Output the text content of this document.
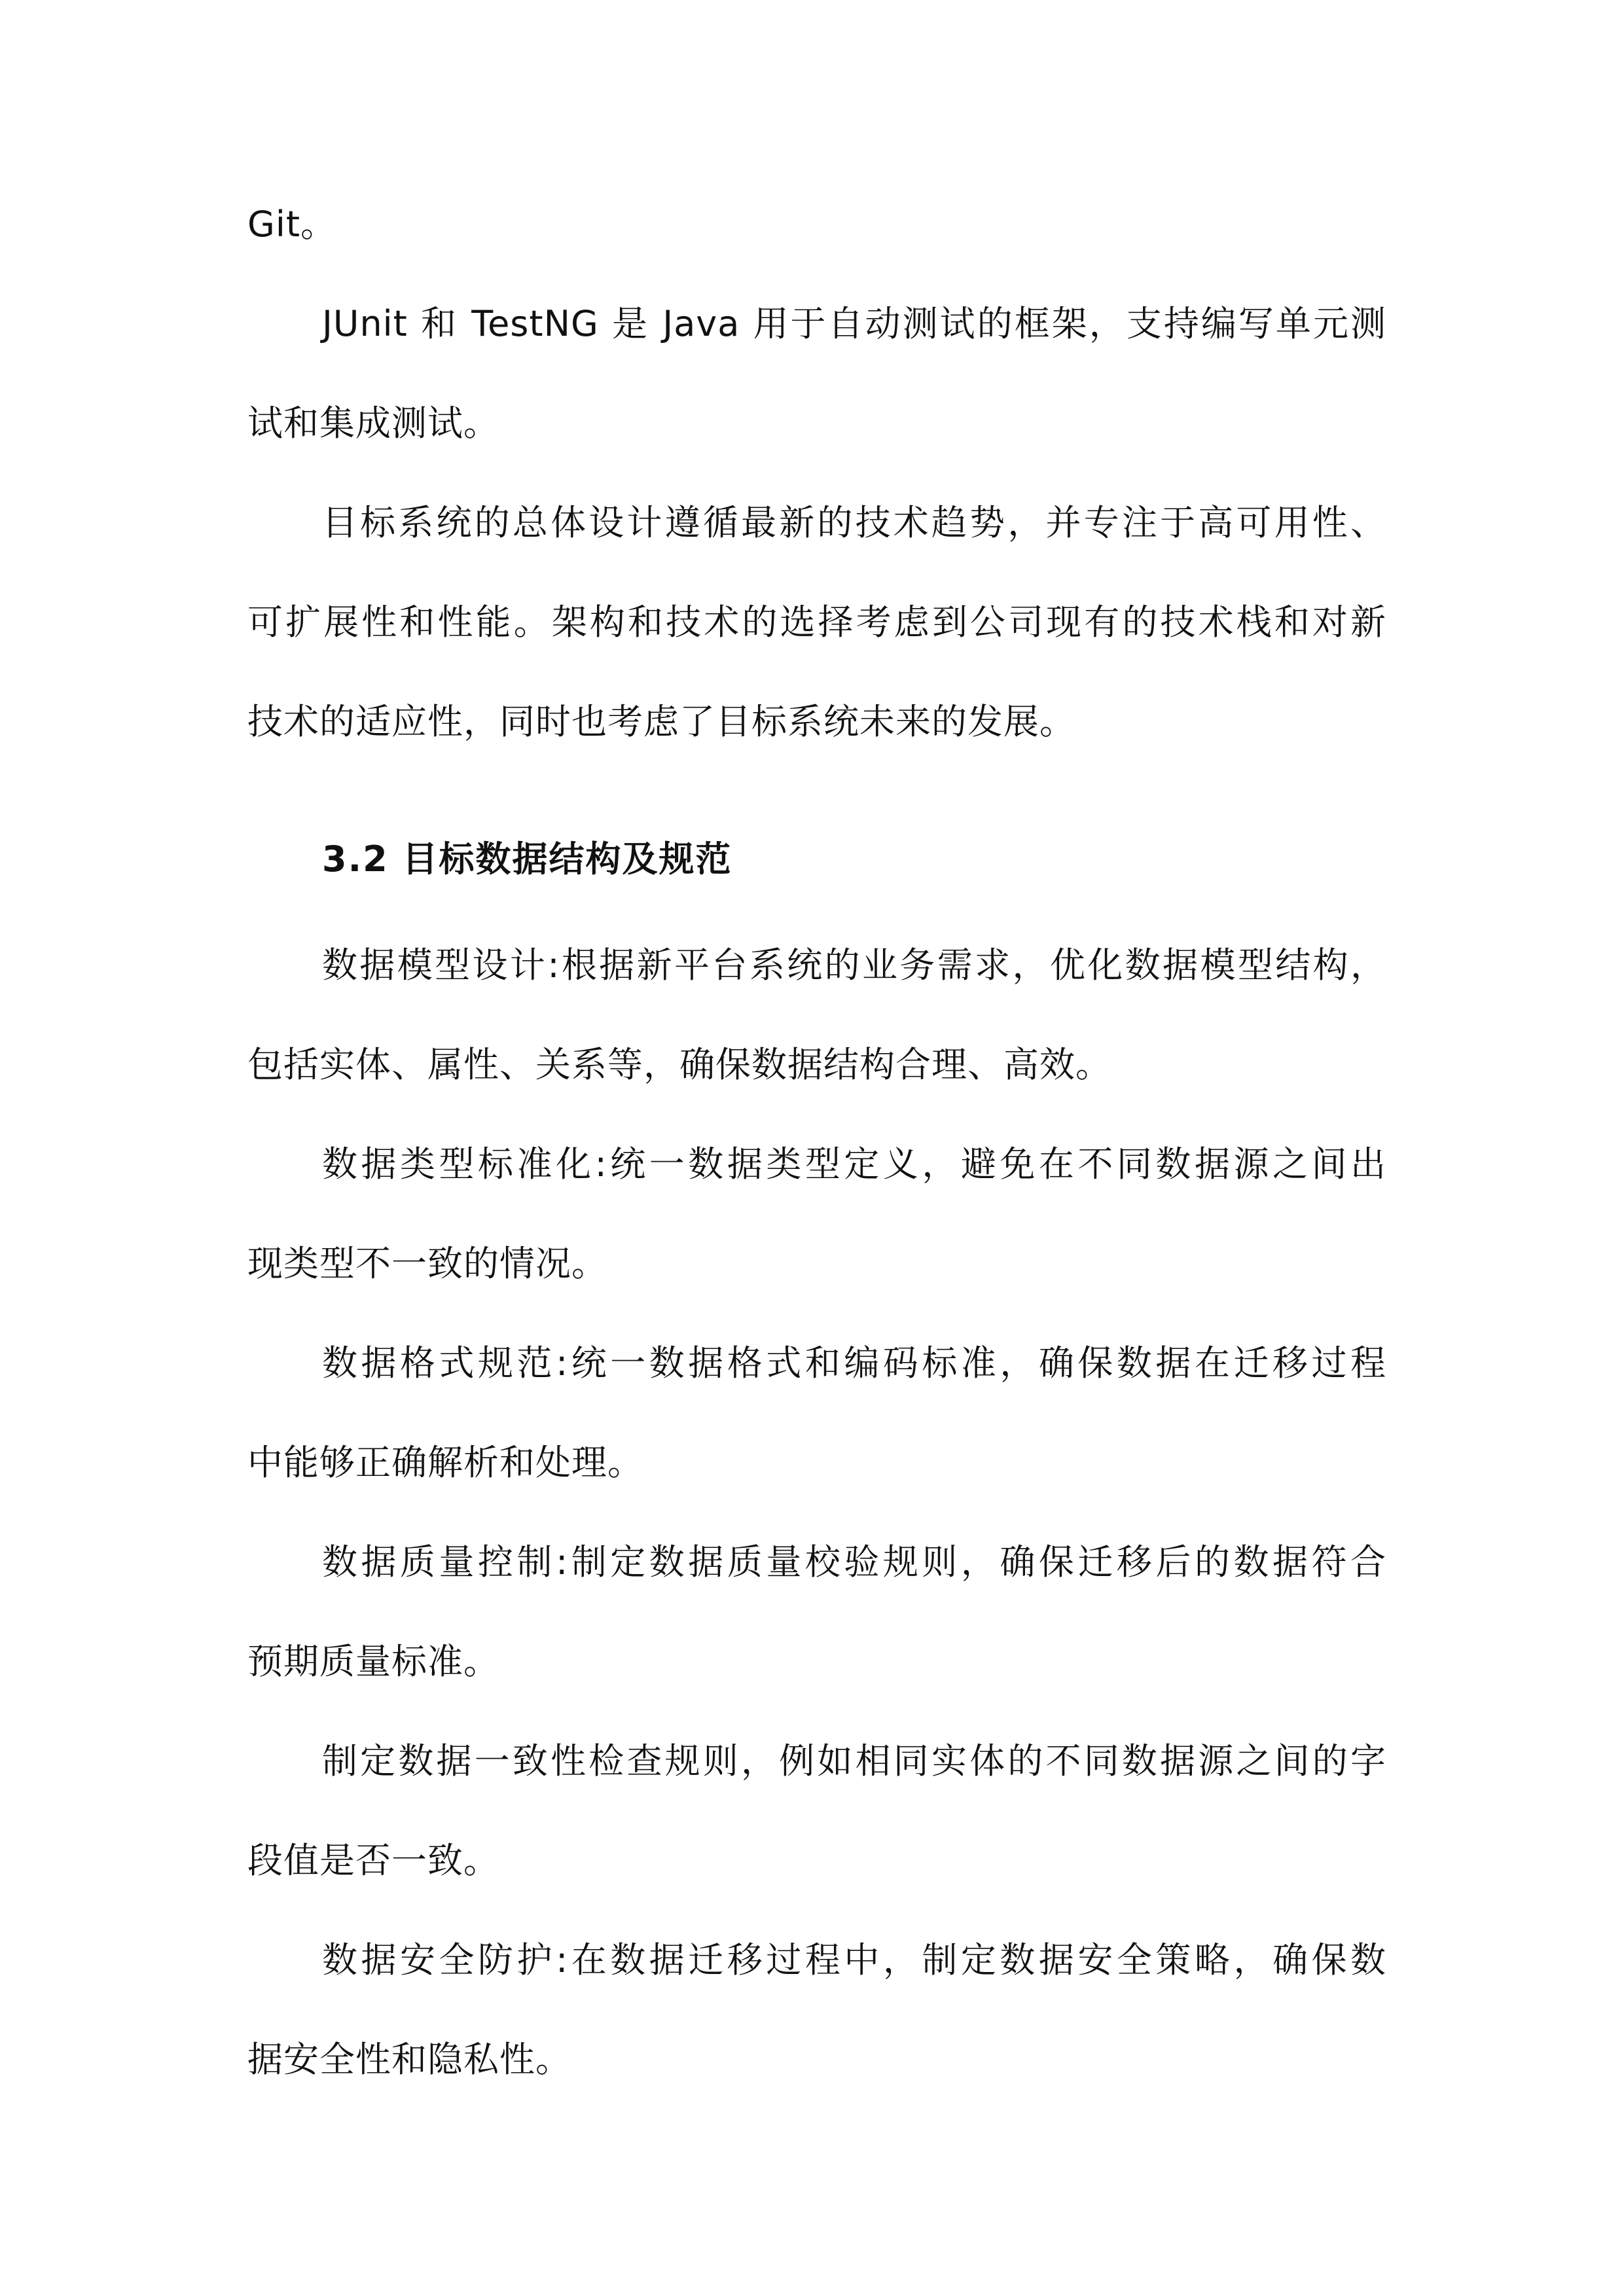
Git。
JUnit 和 TestNG 是 Java 用于自动测试的框架，支持编写单元测
试和集成测试。
目标系统的总体设计遵循最新的技术趋势，并专注于高可用性、
可扩展性和性能。架构和技术的选择考虑到公司现有的技术栈和对新
技术的适应性，同时也考虑了目标系统未来的发展。
3.2 目标数据结构及规范
数据模型设计:根据新平台系统的业务需求，优化数据模型结构，
包括实体、属性、关系等，确保数据结构合理、高效。
数据类型标准化:统一数据类型定义，避免在不同数据源之间出
现类型不一致的情况。
数据格式规范:统一数据格式和编码标准，确保数据在迁移过程
中能够正确解析和处理。
数据质量控制:制定数据质量校验规则，确保迁移后的数据符合
预期质量标准。
制定数据一致性检查规则，例如相同实体的不同数据源之间的字
段值是否一致。
数据安全防护:在数据迁移过程中，制定数据安全策略，确保数
据安全性和隐私性。
